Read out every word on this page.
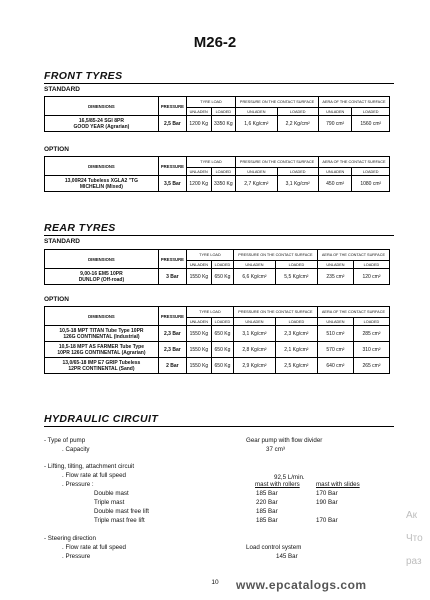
M26-2
FRONT TYRES
STANDARD
DIMENSIONS	PRESSURE	TYRE LOAD		PRESSURE ON THE CONTACT SURFACE		AERA OF THE CONTACT SURFACE	
		UNLADEN	LOADED	UNLADEN	LOADED	UNLADEN	LOADED

16,5/85-24 SGI 8PR
GOOD YEAR (Agrarian)	2,5 Bar	1200 Kg	3350 Kg	1,6 Kg/cm²	2,2 Kg/cm²	790 cm²	1560 cm²
OPTION
DIMENSIONS	PRESSURE	TYRE LOAD		PRESSURE ON THE CONTACT SURFACE		AERA OF THE CONTACT SURFACE	
		UNLADEN	LOADED	UNLADEN	LOADED	UNLADEN	LOADED

13,00R24 Tubeless XGLA2 "TG
MICHELIN (Mixed)	3,5 Bar	1200 Kg	3350 Kg	2,7 Kg/cm²	3,1 Kg/cm²	450 cm²	1080 cm²
REAR TYRES
STANDARD
DIMENSIONS	PRESSURE	TYRE LOAD		PRESSURE ON THE CONTACT SURFACE		AERA OF THE CONTACT SURFACE	
		UNLADEN	LOADED	UNLADEN	LOADED	UNLADEN	LOADED

9,00-16 EM5 10PR
DUNLOP (Off-road)	3 Bar	1550 Kg	650 Kg	6,6 Kg/cm²	5,5 Kg/cm²	235 cm²	120 cm²
OPTION
DIMENSIONS	PRESSURE	TYRE LOAD		PRESSURE ON THE CONTACT SURFACE		AERA OF THE CONTACT SURFACE	
		UNLADEN	LOADED	UNLADEN	LOADED	UNLADEN	LOADED

10,5-18 MPT TITAN Tube Type 10PR
126G CONTINENTAL (Industrial)	2,3 Bar	1550 Kg	650 Kg	3,1 Kg/cm²	2,3 Kg/cm²	510 cm²	285 cm²

10,5-18 MPT AS FARMER Tube Type
10PR 126G CONTINENTAL (Agrarian)	2,3 Bar	1550 Kg	650 Kg	2,8 Kg/cm²	2,1 Kg/cm²	570 cm²	310 cm²

13,0/65-18 IMP E7 GRIP Tubeless
12PR CONTINENTAL (Sand)	2 Bar	1550 Kg	650 Kg	2,9 Kg/cm²	2,5 Kg/cm²	640 cm²	265 cm²
HYDRAULIC CIRCUIT
- Type of pump	Gear pump with flow divider
. Capacity	37 cm³
- Lifting, tilting, attachment circuit
. Flow rate at full speed	92,5 L/min.
. Pressure :	mast with rollers	mast with slides
Double mast	185 Bar	170 Bar
Triple mast	220 Bar	190 Bar
Double mast free lift	185 Bar
Triple mast free lift	185 Bar	170 Bar
- Steering direction
. Flow rate at full speed	Load control system
. Pressure	145 Bar
10	www.epcatalogs.com
Ак
Что
раз
